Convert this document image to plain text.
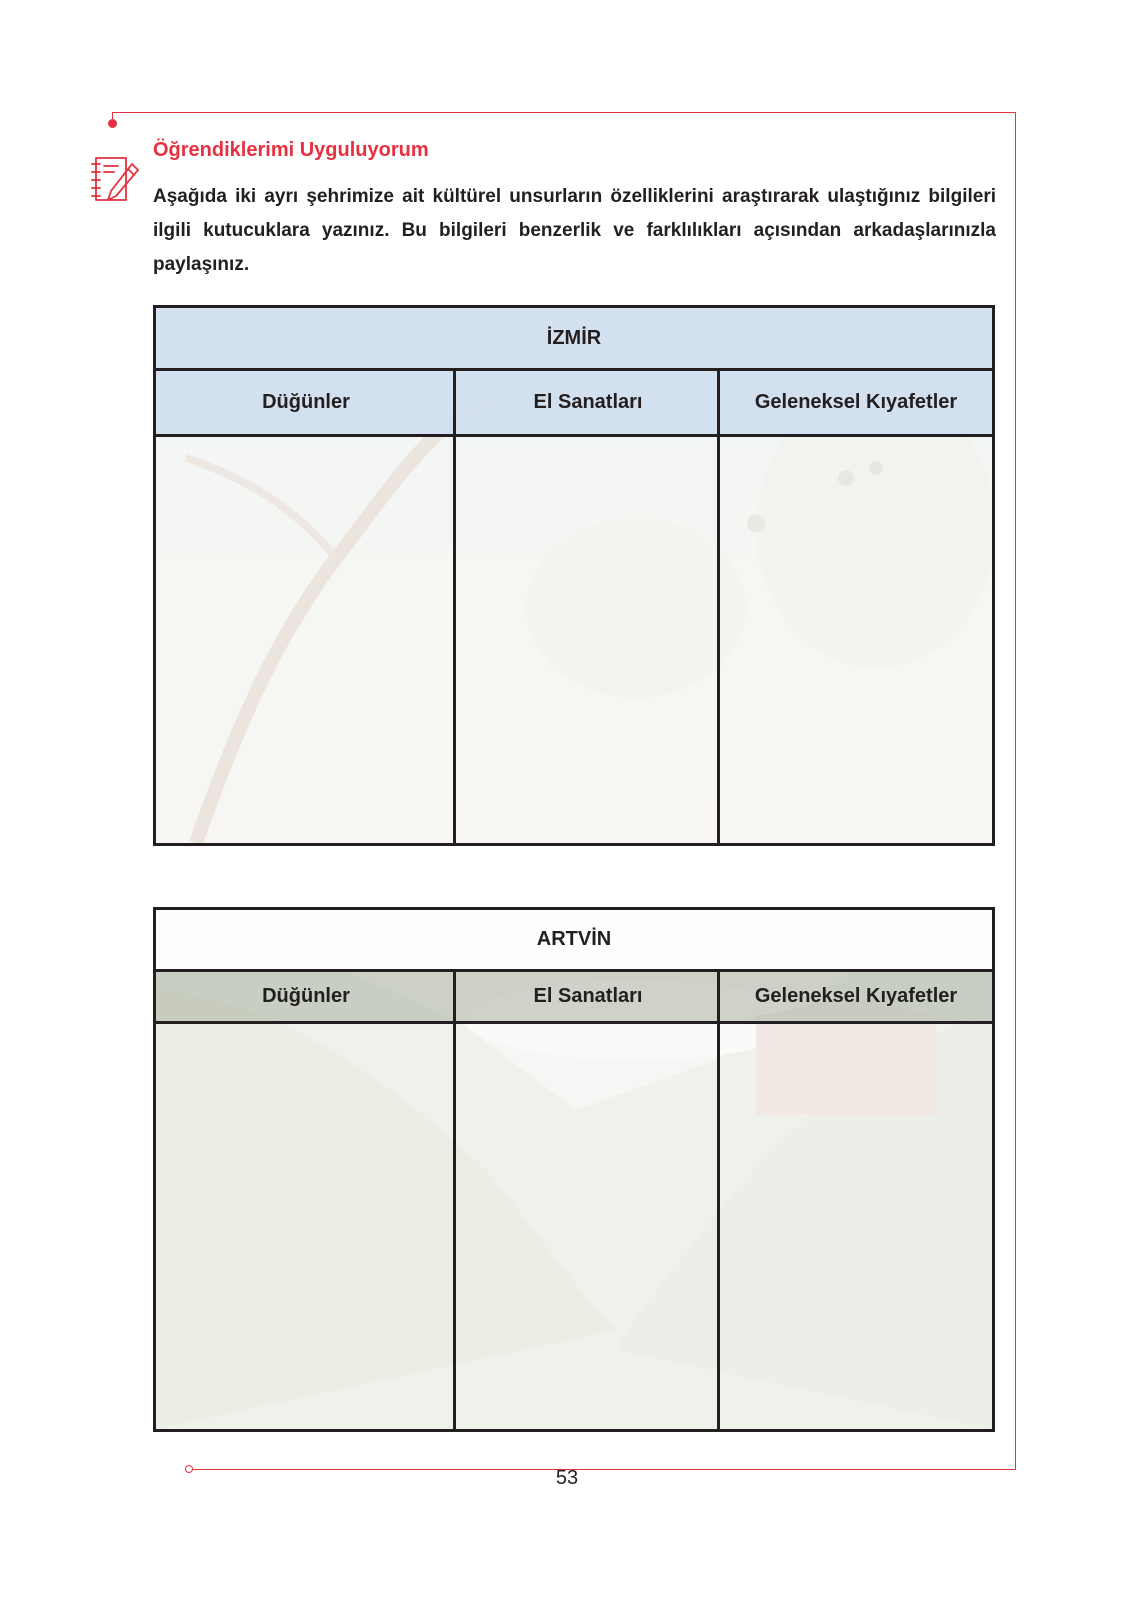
Öğrendiklerimi Uyguluyorum
Aşağıda iki ayrı şehrimize ait kültürel unsurların özelliklerini araştırarak ulaştığınız bilgileri ilgili kutucuklara yazınız. Bu bilgileri benzerlik ve farklılıkları açısından arkadaşlarınızla paylaşınız.
İZMİR
Düğünler	El Sanatları	Geleneksel Kıyafetler
ARTVİN
Düğünler	El Sanatları	Geleneksel Kıyafetler
53
